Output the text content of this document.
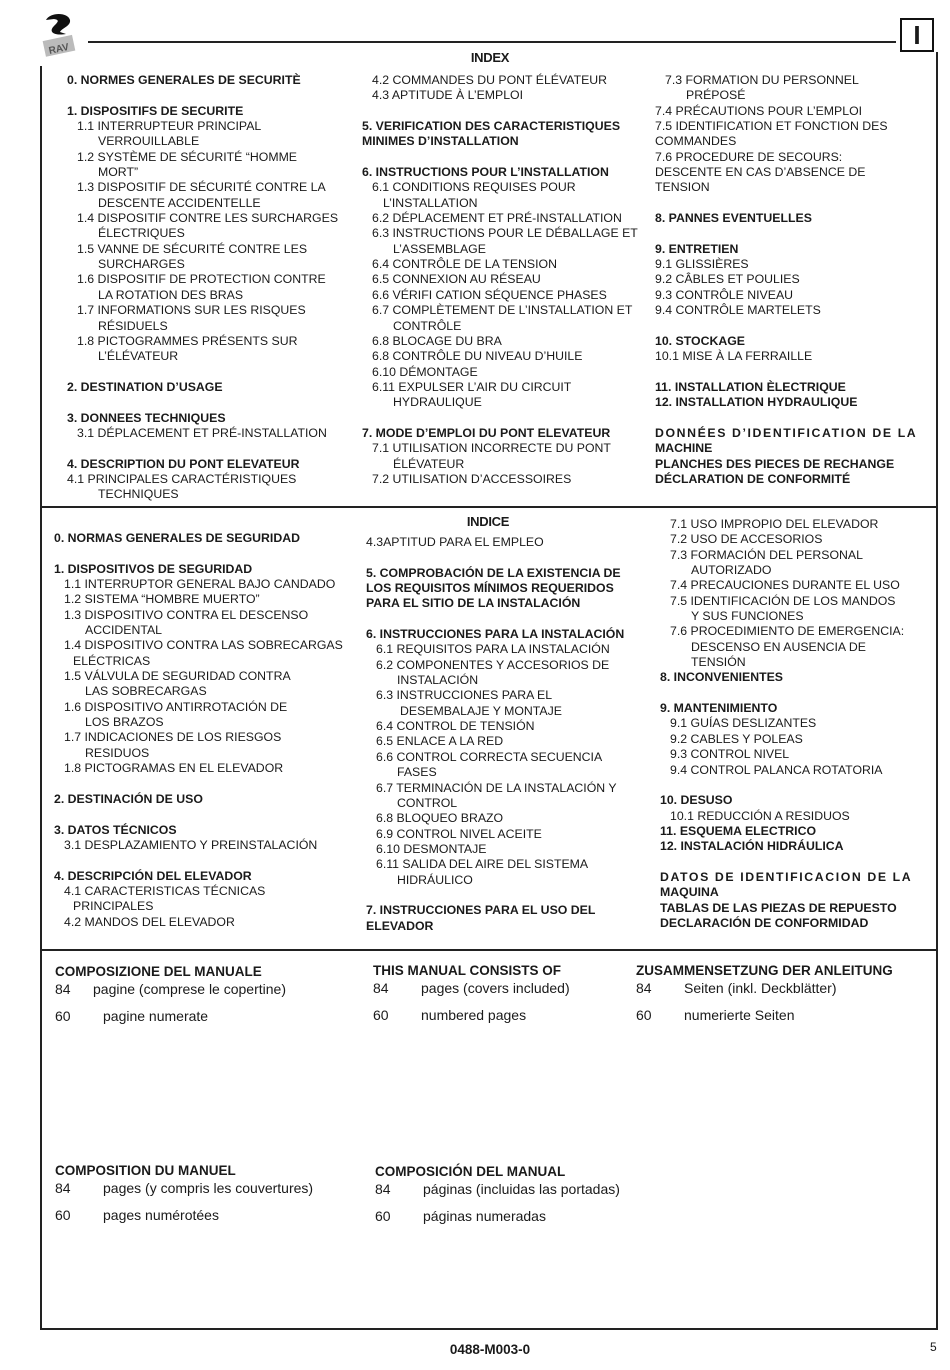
RAV	I
INDEX
0. NORMES GENERALES DE SECURITÈ
1. DISPOSITIFS DE SECURITE
1.1 INTERRUPTEUR PRINCIPAL
VERROUILLABLE
1.2 SYSTÈME DE SÉCURITÉ “HOMME
MORT”
1.3 DISPOSITIF DE SÉCURITÉ CONTRE LA
DESCENTE ACCIDENTELLE
1.4 DISPOSITIF CONTRE LES SURCHARGES
ÉLECTRIQUES
1.5 VANNE DE SÉCURITÉ CONTRE LES
SURCHARGES
1.6 DISPOSITIF DE PROTECTION CONTRE
LA ROTATION DES BRAS
1.7 INFORMATIONS SUR LES RISQUES
RÉSIDUELS
1.8 PICTOGRAMMES PRÉSENTS SUR
L’ÉLÉVATEUR
2. DESTINATION D’USAGE
3. DONNEES TECHNIQUES
3.1 DÉPLACEMENT ET PRÉ-INSTALLATION
4. DESCRIPTION DU PONT ELEVATEUR
4.1 PRINCIPALES CARACTÉRISTIQUES
TECHNIQUES
4.2 COMMANDES DU PONT ÉLÉVATEUR
4.3 APTITUDE À L’EMPLOI
5. VERIFICATION DES CARACTERISTIQUES
MINIMES D’INSTALLATION
6. INSTRUCTIONS POUR L’INSTALLATION
6.1 CONDITIONS REQUISES POUR
L’INSTALLATION
6.2 DÉPLACEMENT ET PRÉ-INSTALLATION
6.3 INSTRUCTIONS POUR LE DÉBALLAGE ET
L’ASSEMBLAGE
6.4 CONTRÔLE DE LA TENSION
6.5 CONNEXION AU RÉSEAU
6.6 VÉRIFI CATION SÉQUENCE PHASES
6.7 COMPLÈTEMENT DE L’INSTALLATION ET
CONTRÔLE
6.8 BLOCAGE DU BRA
6.8 CONTRÔLE DU NIVEAU D’HUILE
6.10 DÉMONTAGE
6.11 EXPULSER L’AIR DU CIRCUIT
HYDRAULIQUE
7. MODE D’EMPLOI DU PONT ELEVATEUR
7.1 UTILISATION INCORRECTE DU PONT
ÉLÉVATEUR
7.2 UTILISATION D’ACCESSOIRES
7.3 FORMATION DU PERSONNEL
PRÉPOSÉ
7.4 PRÉCAUTIONS POUR L’EMPLOI
7.5 IDENTIFICATION ET FONCTION DES
COMMANDES
7.6 PROCEDURE DE SECOURS:
DESCENTE EN CAS D’ABSENCE DE
TENSION
8. PANNES EVENTUELLES
9. ENTRETIEN
9.1 GLISSIÈRES
9.2 CÂBLES ET POULIES
9.3 CONTRÔLE NIVEAU
9.4 CONTRÔLE MARTELETS
10. STOCKAGE
10.1 MISE À LA FERRAILLE
11. INSTALLATION ÈLECTRIQUE
12. INSTALLATION HYDRAULIQUE
DONNÉES D’IDENTIFICATION DE LA
MACHINE
PLANCHES DES PIECES DE RECHANGE
DÉCLARATION DE CONFORMITÉ
INDICE
0. NORMAS GENERALES DE SEGURIDAD
1. DISPOSITIVOS DE SEGURIDAD
1.1 INTERRUPTOR GENERAL BAJO CANDADO
1.2 SISTEMA “HOMBRE MUERTO”
1.3 DISPOSITIVO CONTRA EL DESCENSO
ACCIDENTAL
1.4 DISPOSITIVO CONTRA LAS SOBRECARGAS
ELÉCTRICAS
1.5 VÁLVULA DE SEGURIDAD CONTRA
LAS SOBRECARGAS
1.6 DISPOSITIVO ANTIRROTACIÓN DE
LOS BRAZOS
1.7 INDICACIONES DE LOS RIESGOS
RESIDUOS
1.8 PICTOGRAMAS EN EL ELEVADOR
2. DESTINACIÓN DE USO
3. DATOS TÉCNICOS
3.1 DESPLAZAMIENTO Y PREINSTALACIÓN
4. DESCRIPCIÓN DEL ELEVADOR
4.1 CARACTERISTICAS TÉCNICAS
PRINCIPALES
4.2 MANDOS DEL ELEVADOR
4.3APTITUD PARA EL EMPLEO
5. COMPROBACIÓN DE LA EXISTENCIA DE
LOS REQUISITOS MÍNIMOS REQUERIDOS
PARA EL SITIO DE LA INSTALACIÓN
6. INSTRUCCIONES PARA LA INSTALACIÓN
6.1 REQUISITOS PARA LA INSTALACIÓN
6.2 COMPONENTES Y ACCESORIOS DE
INSTALACIÓN
6.3 INSTRUCCIONES PARA EL
DESEMBALAJE Y MONTAJE
6.4 CONTROL DE TENSIÓN
6.5 ENLACE A LA RED
6.6 CONTROL CORRECTA SECUENCIA
FASES
6.7 TERMINACIÓN DE LA INSTALACIÓN Y
CONTROL
6.8 BLOQUEO BRAZO
6.9 CONTROL NIVEL ACEITE
6.10 DESMONTAJE
6.11 SALIDA DEL AIRE DEL SISTEMA
HIDRÁULICO
7. INSTRUCCIONES PARA EL USO DEL
ELEVADOR
7.1 USO IMPROPIO DEL ELEVADOR
7.2 USO DE ACCESORIOS
7.3 FORMACIÓN DEL PERSONAL
AUTORIZADO
7.4 PRECAUCIONES DURANTE EL USO
7.5 IDENTIFICACIÓN DE LOS MANDOS
Y SUS FUNCIONES
7.6 PROCEDIMIENTO DE EMERGENCIA:
DESCENSO EN AUSENCIA DE
TENSIÓN
8. INCONVENIENTES
9. MANTENIMIENTO
9.1 GUÍAS DESLIZANTES
9.2 CABLES Y POLEAS
9.3 CONTROL NIVEL
9.4 CONTROL PALANCA ROTATORIA
10. DESUSO
10.1 REDUCCIÓN A RESIDUOS
11. ESQUEMA ELECTRICO
12. INSTALACIÓN HIDRÁULICA
DATOS DE IDENTIFICACION DE LA
MAQUINA
TABLAS DE LAS PIEZAS DE REPUESTO
DECLARACIÓN DE CONFORMIDAD
COMPOSIZIONE DEL MANUALE
84 pagine (comprese le copertine)
60 pagine numerate
THIS MANUAL CONSISTS OF
84 pages (covers included)
60 numbered pages
ZUSAMMENSETZUNG DER ANLEITUNG
84 Seiten (inkl. Deckblätter)
60 numerierte Seiten
COMPOSITION DU MANUEL
84 pages (y compris les couvertures)
60 pages numérotées
COMPOSICIÓN DEL MANUAL
84 páginas (incluidas las portadas)
60 páginas numeradas
0488-M003-0	5
